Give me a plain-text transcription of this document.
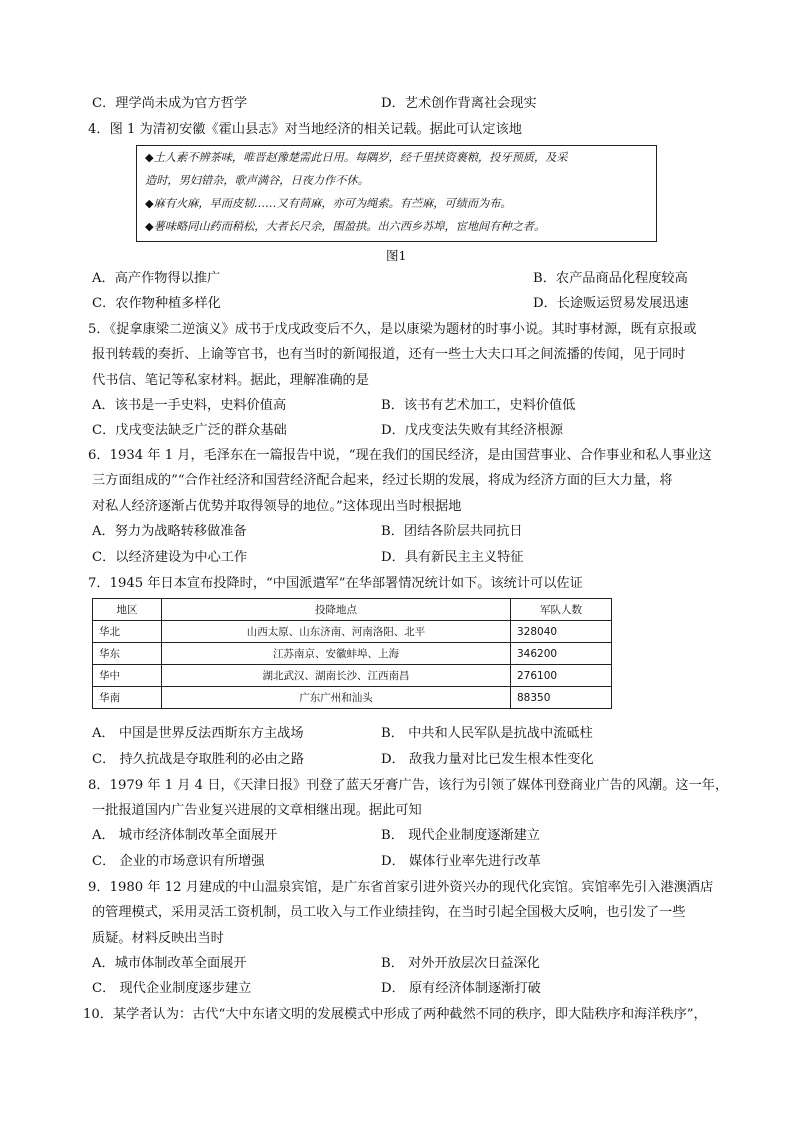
C．理学尚未成为官方哲学	D．艺术创作背离社会现实
4．图 1 为清初安徽《霍山县志》对当地经济的相关记载。据此可认定该地
◆土人素不辨茶味，唯晋赵豫楚需此日用。每隅岁，经千里挟资裹粮，投牙预质，及采
造时，男妇错杂，歌声满谷，日夜力作不休。
◆麻有火麻，早而皮韧……又有苘麻，亦可为绳索。有苎麻，可绩而为布。
◆薯味略同山药而稍松，大者长尺余，围盈拱。出六西乡苏埠，宦地间有种之者。
图1
A．高产作物得以推广	B．农产品商品化程度较高
C．农作物种植多样化	D．长途贩运贸易发展迅速
5．《捉拿康梁二逆演义》成书于戊戌政变后不久，是以康梁为题材的时事小说。其时事材源，既有京报或
报刊转载的奏折、上谕等官书，也有当时的新闻报道，还有一些士大夫口耳之间流播的传闻，见于同时
代书信、笔记等私家材料。据此，理解准确的是
A．该书是一手史料，史料价值高	B．该书有艺术加工，史料价值低
C．戊戌变法缺乏广泛的群众基础	D．戊戌变法失败有其经济根源
6．1934 年 1 月，毛泽东在一篇报告中说，“现在我们的国民经济，是由国营事业、合作事业和私人事业这
三方面组成的”“合作社经济和国营经济配合起来，经过长期的发展，将成为经济方面的巨大力量，将
对私人经济逐渐占优势并取得领导的地位。”这体现出当时根据地
A．努力为战略转移做准备	B．团结各阶层共同抗日
C．以经济建设为中心工作	D．具有新民主主义特征
7．1945 年日本宣布投降时，“中国派遣军”在华部署情况统计如下。该统计可以佐证
地区	投降地点	军队人数
华北	山西太原、山东济南、河南洛阳、北平	328040
华东	江苏南京、安徽蚌埠、上海	346200
华中	湖北武汉、湖南长沙、江西南昌	276100
华南	广东广州和汕头	88350
A． 中国是世界反法西斯东方主战场	B． 中共和人民军队是抗战中流砥柱
C． 持久抗战是夺取胜利的必由之路	D． 敌我力量对比已发生根本性变化
8．1979 年 1 月 4 日，《天津日报》刊登了蓝天牙膏广告，该行为引领了媒体刊登商业广告的风潮。这一年，
一批报道国内广告业复兴进展的文章相继出现。据此可知
A． 城市经济体制改革全面展开	B． 现代企业制度逐渐建立
C． 企业的市场意识有所增强	D． 媒体行业率先进行改革
9．1980 年 12 月建成的中山温泉宾馆，是广东省首家引进外资兴办的现代化宾馆。宾馆率先引入港澳酒店
的管理模式，采用灵活工资机制，员工收入与工作业绩挂钩，在当时引起全国极大反响，也引发了一些
质疑。材料反映出当时
A．城市体制改革全面展开	B． 对外开放层次日益深化
C． 现代企业制度逐步建立	D． 原有经济体制逐渐打破
10．某学者认为：古代“大中东诸文明的发展模式中形成了两种截然不同的秩序，即大陆秩序和海洋秩序”，
